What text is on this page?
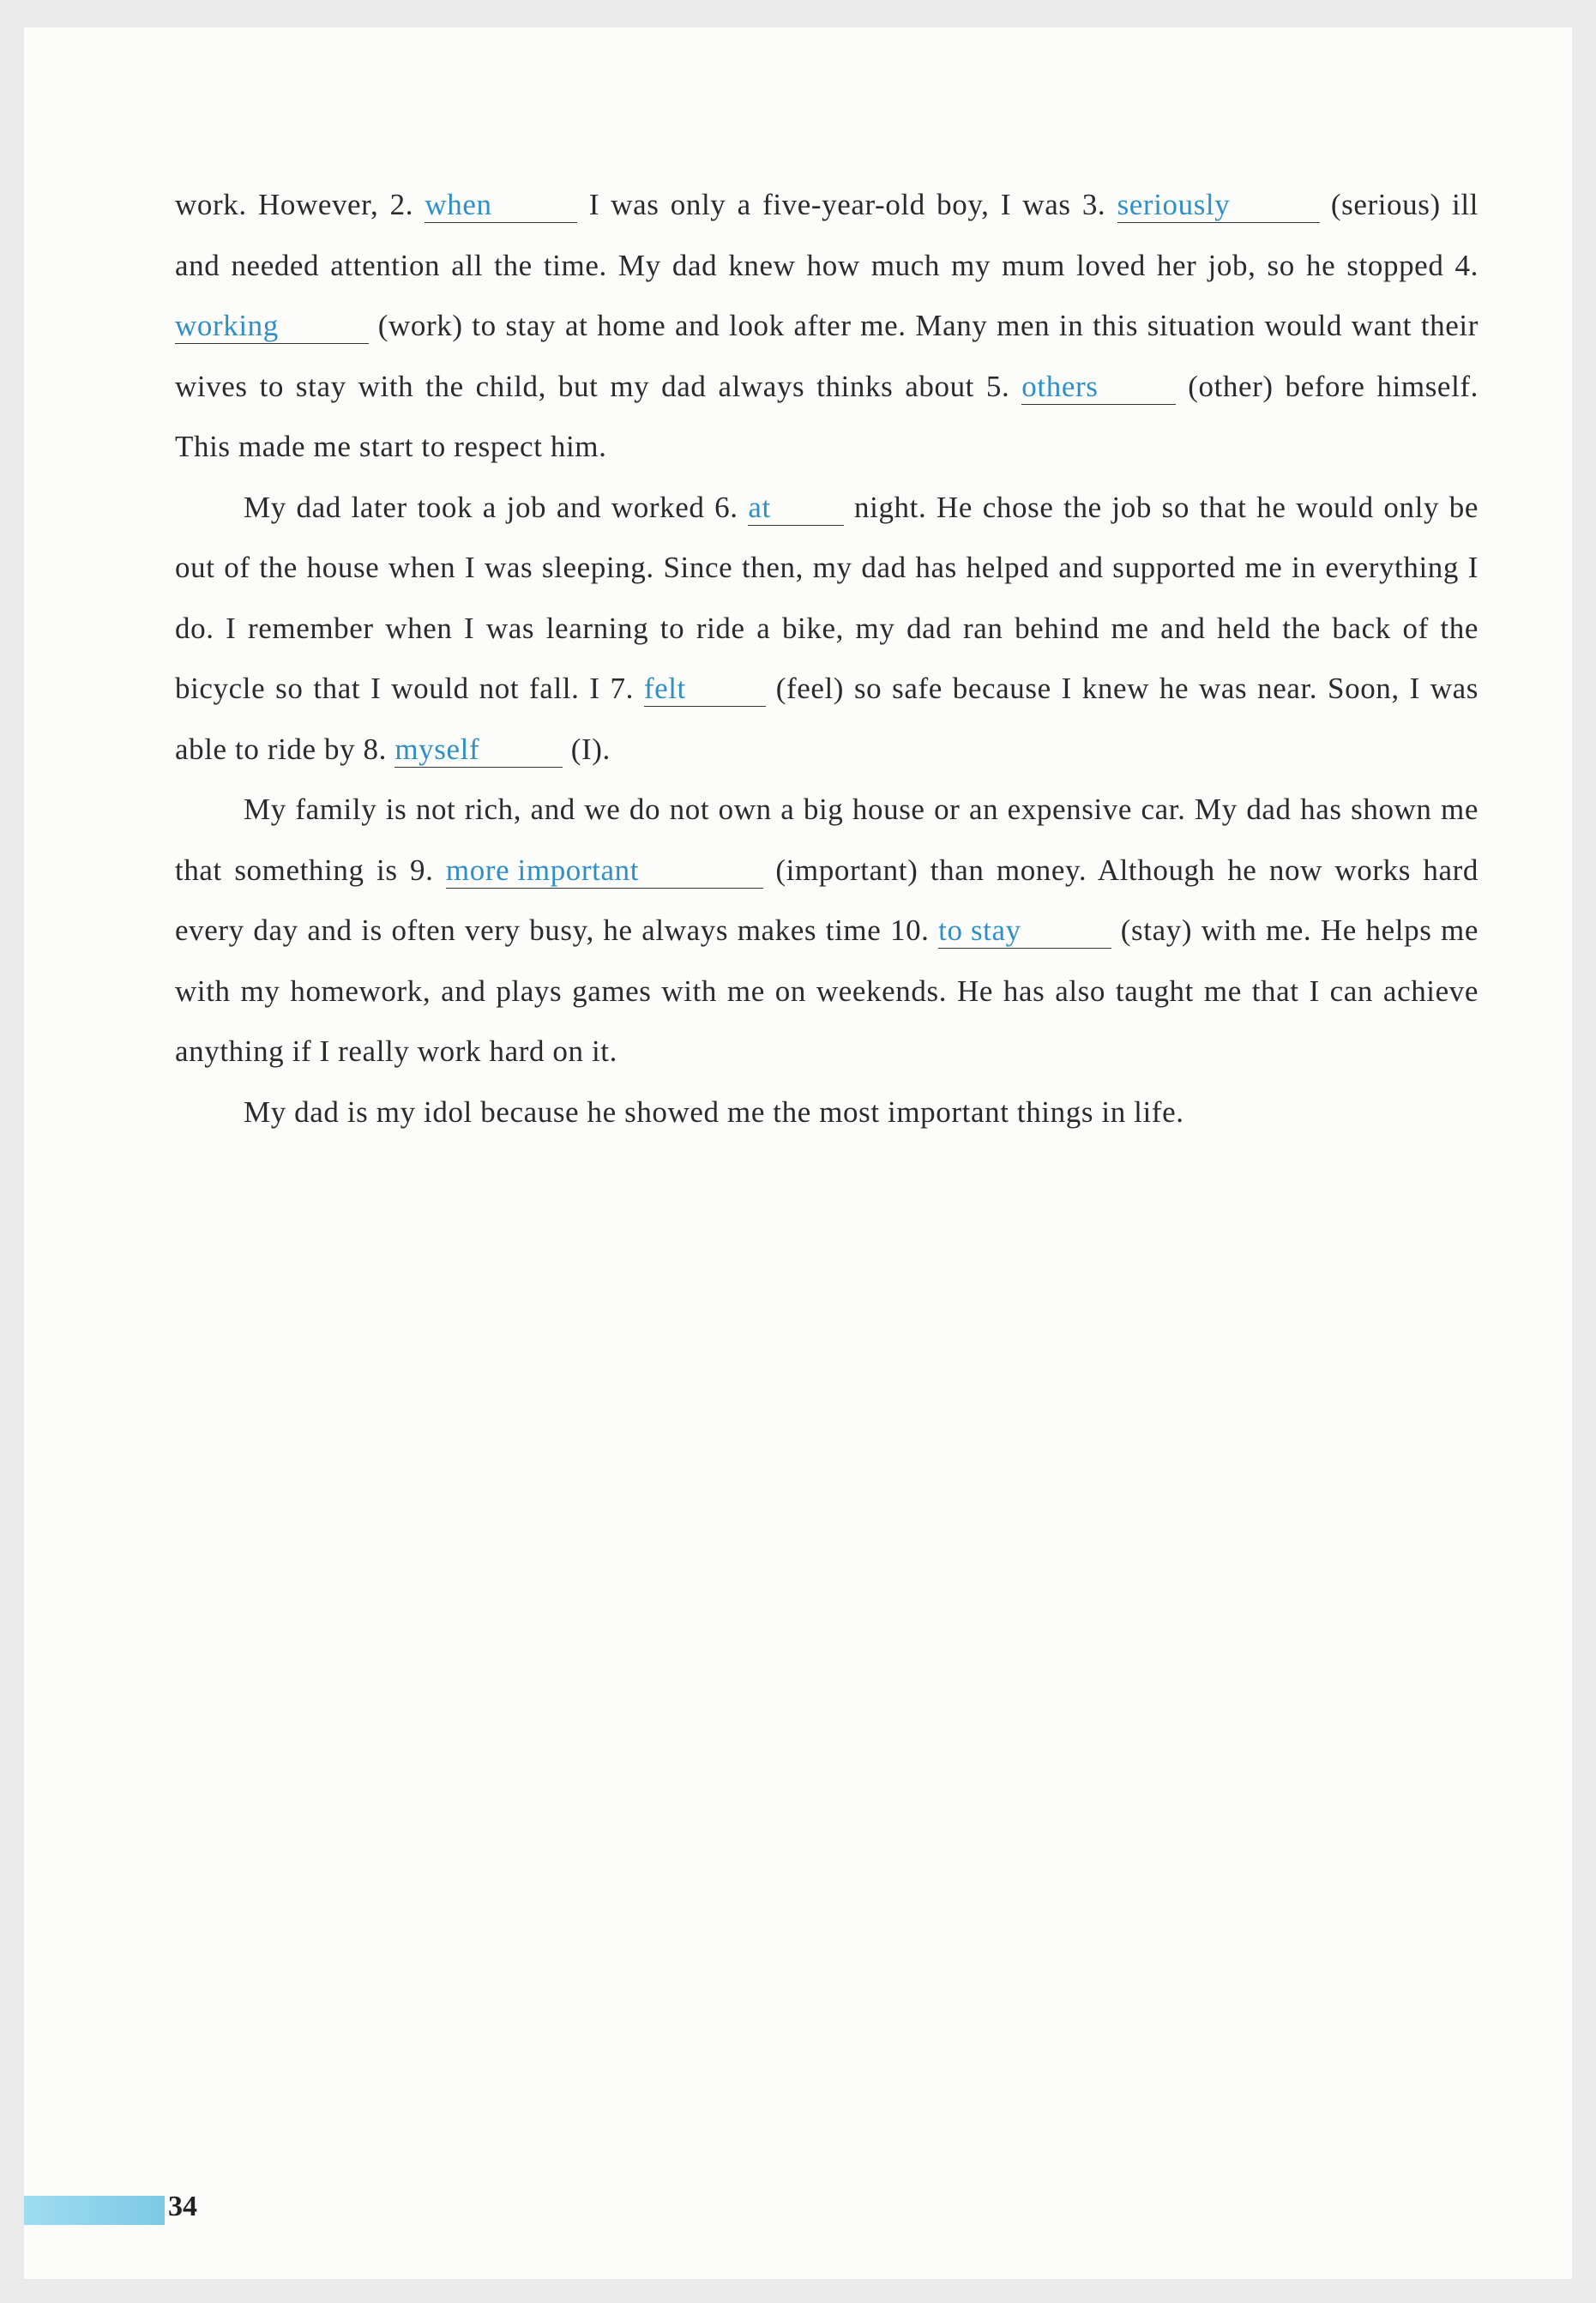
work. However, 2. when	I was only a five-year-old boy, I was 3. seriously	(serious) ill and needed attention all the time. My dad knew how much my mum loved her job, so he stopped 4. working	(work) to stay at home and look after me. Many men in this situation would want their wives to stay with the child, but my dad always thinks about 5. others	(other) before himself. This made me start to respect him.

My dad later took a job and worked 6. at night. He chose the job so that he would only be out of the house when I was sleeping. Since then, my dad has helped and supported me in everything I do. I remember when I was learning to ride a bike, my dad ran behind me and held the back of the bicycle so that I would not fall. I 7. felt	(feel) so safe because I knew he was near. Soon, I was able to ride by 8. myself	(I).

My family is not rich, and we do not own a big house or an expensive car. My dad has shown me that something is 9. more important	(important) than money. Although he now works hard every day and is often very busy, he always makes time 10. to stay	(stay) with me. He helps me with my homework, and plays games with me on weekends. He has also taught me that I can achieve anything if I really work hard on it.

My dad is my idol because he showed me the most important things in life.

34
